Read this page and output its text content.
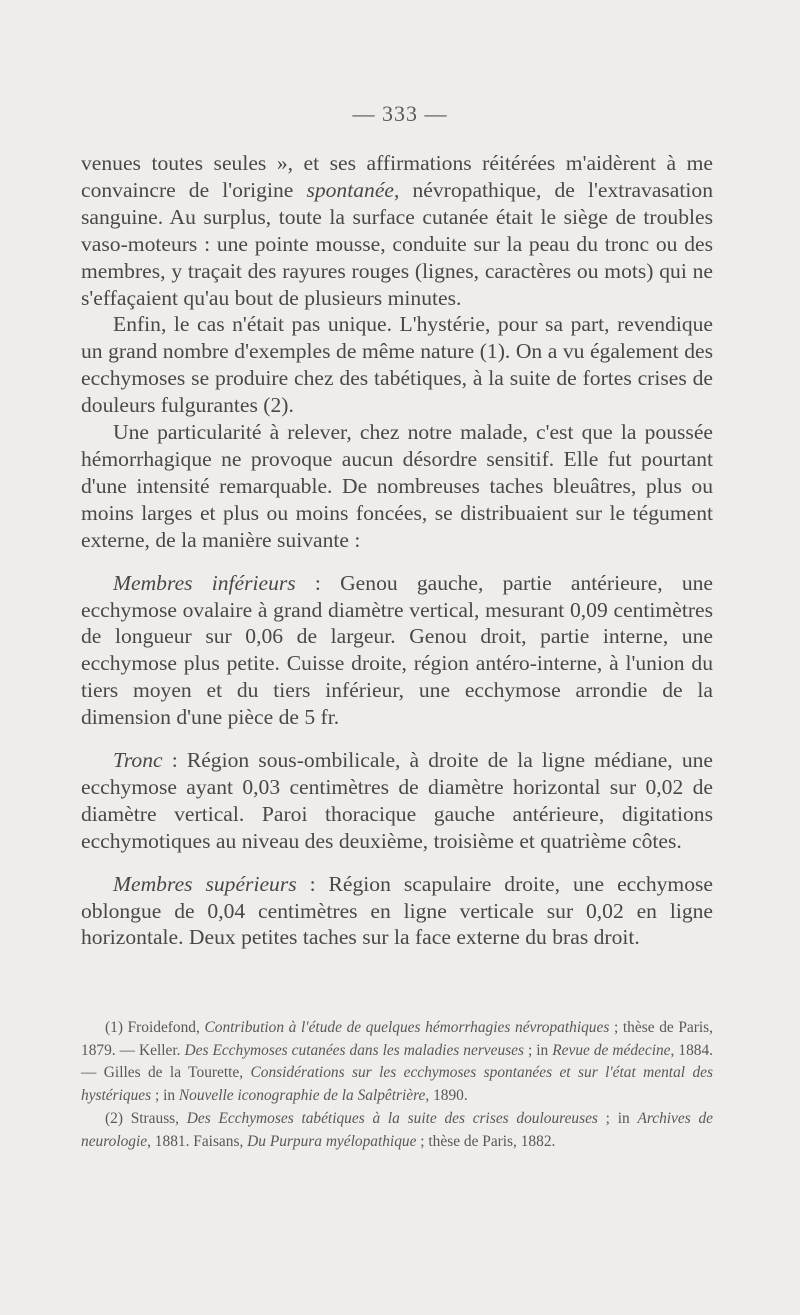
— 333 —

venues toutes seules », et ses affirmations réitérées m'aidèrent à me convaincre de l'origine spontanée, névropathique, de l'extravasation sanguine. Au surplus, toute la surface cutanée était le siège de troubles vaso-moteurs : une pointe mousse, conduite sur la peau du tronc ou des membres, y traçait des rayures rouges (lignes, caractères ou mots) qui ne s'effaçaient qu'au bout de plusieurs minutes.

Enfin, le cas n'était pas unique. L'hystérie, pour sa part, revendique un grand nombre d'exemples de même nature (1). On a vu également des ecchymoses se produire chez des tabétiques, à la suite de fortes crises de douleurs fulgurantes (2).

Une particularité à relever, chez notre malade, c'est que la poussée hémorrhagique ne provoque aucun désordre sensitif. Elle fut pourtant d'une intensité remarquable. De nombreuses taches bleuâtres, plus ou moins larges et plus ou moins foncées, se distribuaient sur le tégument externe, de la manière suivante :

Membres inférieurs : Genou gauche, partie antérieure, une ecchymose ovalaire à grand diamètre vertical, mesurant 0,09 centimètres de longueur sur 0,06 de largeur. Genou droit, partie interne, une ecchymose plus petite. Cuisse droite, région antéro-interne, à l'union du tiers moyen et du tiers inférieur, une ecchymose arrondie de la dimension d'une pièce de 5 fr.

Tronc : Région sous-ombilicale, à droite de la ligne médiane, une ecchymose ayant 0,03 centimètres de diamètre horizontal sur 0,02 de diamètre vertical. Paroi thoracique gauche antérieure, digitations ecchymotiques au niveau des deuxième, troisième et quatrième côtes.

Membres supérieurs : Région scapulaire droite, une ecchymose oblongue de 0,04 centimètres en ligne verticale sur 0,02 en ligne horizontale. Deux petites taches sur la face externe du bras droit.

(1) Froidefond, Contribution à l'étude de quelques hémorrhagies névropathiques ; thèse de Paris, 1879. — Keller. Des Ecchymoses cutanées dans les maladies nerveuses ; in Revue de médecine, 1884. — Gilles de la Tourette, Considérations sur les ecchymoses spontanées et sur l'état mental des hystériques ; in Nouvelle iconographie de la Salpêtrière, 1890.

(2) Strauss, Des Ecchymoses tabétiques à la suite des crises douloureuses ; in Archives de neurologie, 1881. Faisans, Du Purpura myélopathique ; thèse de Paris, 1882.
